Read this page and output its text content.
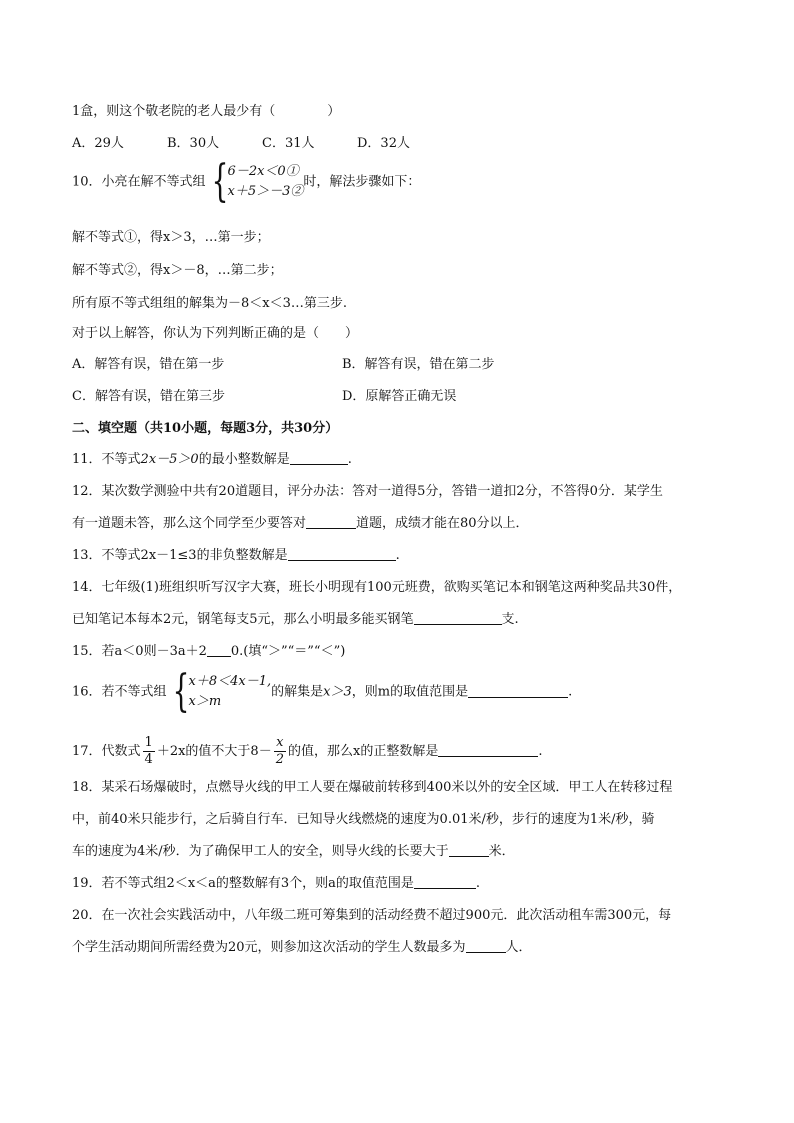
1盒，则这个敬老院的老人最少有（　　　　）
A．29人	B．30人	C．31人	D．32人
10．小亮在解不等式组 { 6－2x＜0①
x＋5＞－3②
时，解法步骤如下：
解不等式①，得x＞3，…第一步；
解不等式②，得x＞－8，…第二步；
所有原不等式组组的解集为－8＜x＜3…第三步.
对于以上解答，你认为下列判断正确的是（　　）
A．解答有误，错在第一步	B．解答有误，错在第二步
C．解答有误，错在第三步	D．原解答正确无误
二、填空题（共10小题，每题3分，共30分）
11．不等式2x－5＞0的最小整数解是	.
12．某次数学测验中共有20道题目，评分办法：答对一道得5分，答错一道扣2分，不答得0分．某学生
有一道题未答，那么这个同学至少要答对	道题，成绩才能在80分以上．
13．不等式2x－1≤3的非负整数解是	.
14．七年级(1)班组织听写汉字大赛，班长小明现有100元班费，欲购买笔记本和钢笔这两种奖品共30件，
已知笔记本每本2元，钢笔每支5元，那么小明最多能买钢笔	支.
15．若a＜0则－3a＋2 0.(填“＞”“＝”“＜”)
16．若不等式组 { x＋8＜4x－1,
x＞m
的解集是x＞3，则m的取值范围是	.
17．代数式 $\frac{1}{4} +2x$的值不大于$8- \frac{x}{2}$ 的值，那么x的正整数解是	.
18．某采石场爆破时，点燃导火线的甲工人要在爆破前转移到400米以外的安全区域．甲工人在转移过程
中，前40米只能步行，之后骑自行车．已知导火线燃烧的速度为0.01米/秒，步行的速度为1米/秒，骑
车的速度为4米/秒．为了确保甲工人的安全，则导火线的长要大于	米．
19．若不等式组2＜x＜a的整数解有3个，则a的取值范围是	.
20．在一次社会实践活动中，八年级二班可筹集到的活动经费不超过900元．此次活动租车需300元，每
个学生活动期间所需经费为20元，则参加这次活动的学生人数最多为	人．
